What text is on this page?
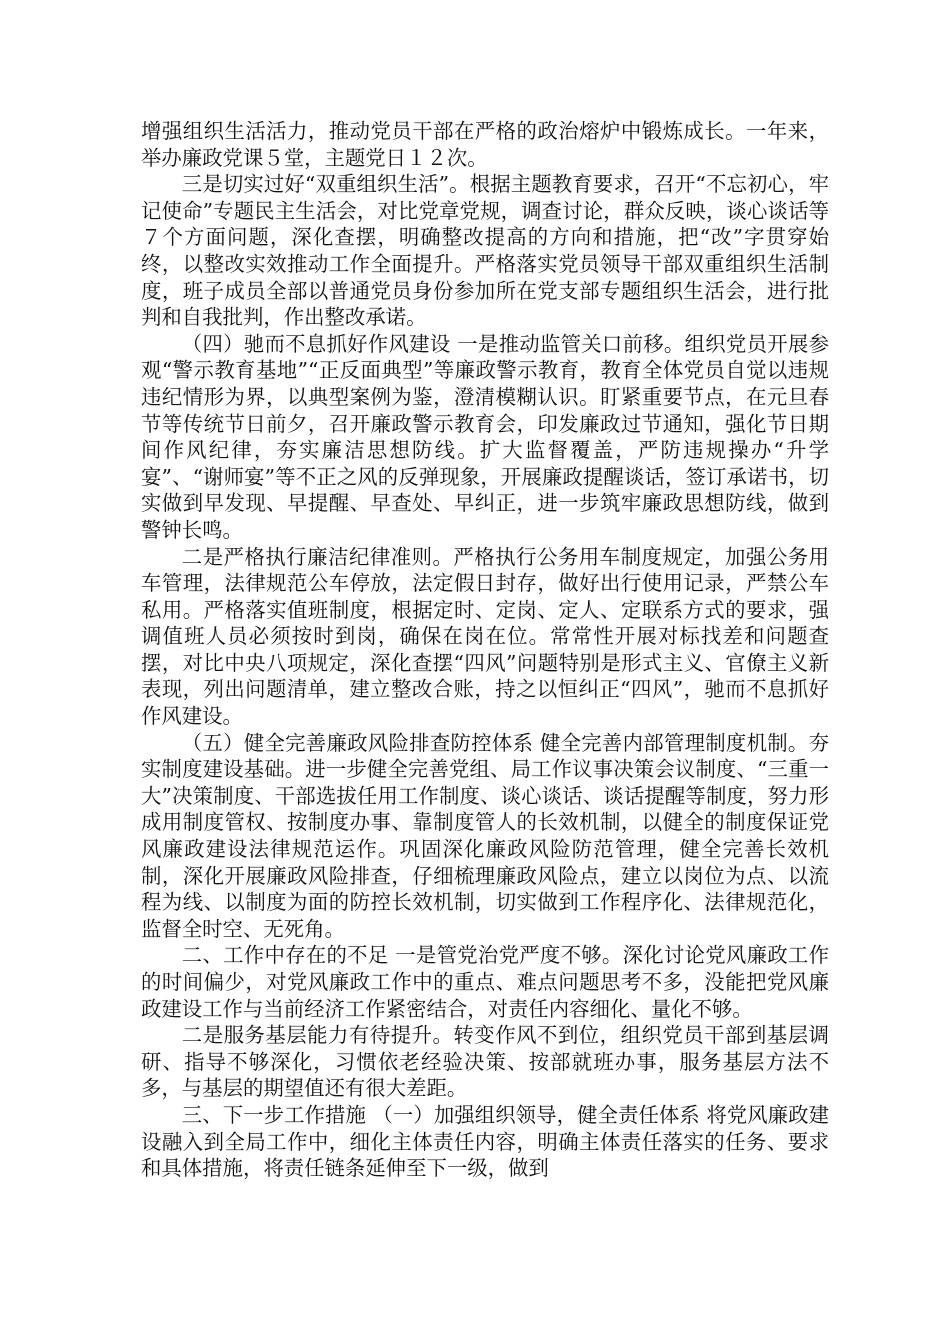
增强组织生活活力，推动党员干部在严格的政治熔炉中锻炼成长。一年来，举办廉政党课５堂，主题党日１２次。

三是切实过好“双重组织生活”。根据主题教育要求，召开“不忘初心，牢记使命”专题民主生活会，对比党章党规，调查讨论，群众反映，谈心谈话等７个方面问题，深化查摆，明确整改提高的方向和措施，把“改”字贯穿始终，以整改实效推动工作全面提升。严格落实党员领导干部双重组织生活制度，班子成员全部以普通党员身份参加所在党支部专题组织生活会，进行批判和自我批判，作出整改承诺。

（四）驰而不息抓好作风建设 一是推动监管关口前移。组织党员开展参观“警示教育基地”“正反面典型”等廉政警示教育，教育全体党员自觉以违规违纪情形为界，以典型案例为鉴，澄清模糊认识。盯紧重要节点，在元旦春节等传统节日前夕，召开廉政警示教育会，印发廉政过节通知，强化节日期间作风纪律，夯实廉洁思想防线。扩大监督覆盖，严防违规操办“升学宴”、“谢师宴”等不正之风的反弹现象，开展廉政提醒谈话，签订承诺书，切实做到早发现、早提醒、早查处、早纠正，进一步筑牢廉政思想防线，做到警钟长鸣。

二是严格执行廉洁纪律准则。严格执行公务用车制度规定，加强公务用车管理，法律规范公车停放，法定假日封存，做好出行使用记录，严禁公车私用。严格落实值班制度，根据定时、定岗、定人、定联系方式的要求，强调值班人员必须按时到岗，确保在岗在位。常常性开展对标找差和问题查摆，对比中央八项规定，深化查摆“四风”问题特别是形式主义、官僚主义新表现，列出问题清单，建立整改合账，持之以恒纠正“四风”，驰而不息抓好作风建设。

（五）健全完善廉政风险排查防控体系 健全完善内部管理制度机制。夯实制度建设基础。进一步健全完善党组、局工作议事决策会议制度、“三重一大”决策制度、干部选拔任用工作制度、谈心谈话、谈话提醒等制度，努力形成用制度管权、按制度办事、靠制度管人的长效机制，以健全的制度保证党风廉政建设法律规范运作。巩固深化廉政风险防范管理，健全完善长效机制，深化开展廉政风险排查，仔细梳理廉政风险点，建立以岗位为点、以流程为线、以制度为面的防控长效机制，切实做到工作程序化、法律规范化，监督全时空、无死角。

二、工作中存在的不足 一是管党治党严度不够。深化讨论党风廉政工作的时间偏少，对党风廉政工作中的重点、难点问题思考不多，没能把党风廉政建设工作与当前经济工作紧密结合，对责任内容细化、量化不够。

二是服务基层能力有待提升。转变作风不到位，组织党员干部到基层调研、指导不够深化，习惯依老经验决策、按部就班办事，服务基层方法不多，与基层的期望值还有很大差距。

三、下一步工作措施 （一）加强组织领导，健全责任体系 将党风廉政建设融入到全局工作中，细化主体责任内容，明确主体责任落实的任务、要求和具体措施，将责任链条延伸至下一级，做到
